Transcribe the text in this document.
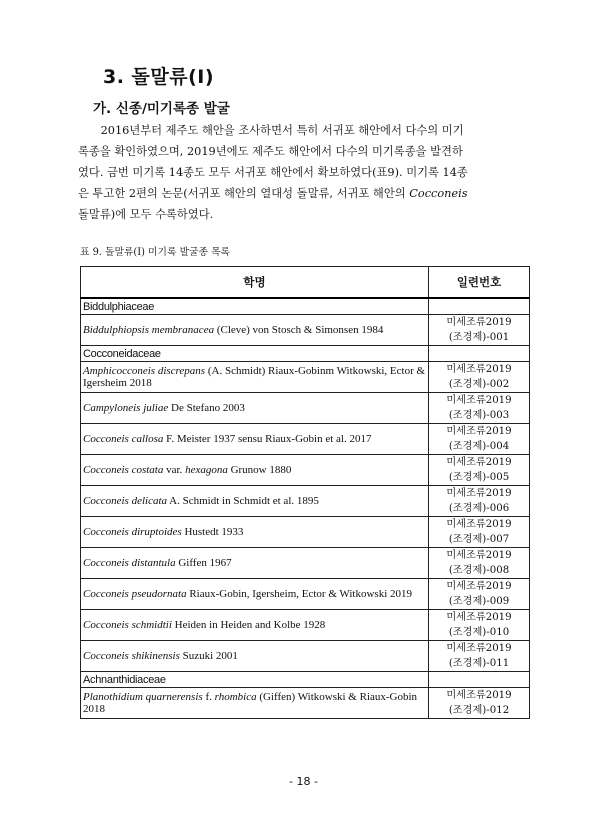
3. 돌말류(Ⅰ)
가. 신종/미기록종 발굴
　　2016년부터 제주도 해안을 조사하면서 특히 서귀포 해안에서 다수의 미기
록종을 확인하였으며, 2019년에도 제주도 해안에서 다수의 미기록종을 발견하
였다. 금번 미기록 14종도 모두 서귀포 해안에서 확보하였다(표9). 미기록 14종
은 투고한 2편의 논문(서귀포 해안의 열대성 돌말류, 서귀포 해안의 Cocconeis
돌말류)에 모두 수록하였다.
표 9. 돌말류(Ⅰ) 미기록 발굴종 목록
학명	일련번호
Biddulphiaceae	
Biddulphiopsis membranacea (Cleve) von Stosch & Simonsen 1984	미세조류2019
(조경제)-001

Cocconeidaceae	
Amphicocconeis discrepans (A. Schmidt) Riaux-Gobinm Witkowski, Ector & Igersheim 2018	미세조류2019
(조경제)-002

Campyloneis juliae De Stefano 2003	미세조류2019
(조경제)-003

Cocconeis callosa F. Meister 1937 sensu Riaux-Gobin et al. 2017	미세조류2019
(조경제)-004

Cocconeis costata var. hexagona Grunow 1880	미세조류2019
(조경제)-005

Cocconeis delicata A. Schmidt in Schmidt et al. 1895	미세조류2019
(조경제)-006

Cocconeis diruptoides Hustedt 1933	미세조류2019
(조경제)-007

Cocconeis distantula Giffen 1967	미세조류2019
(조경제)-008

Cocconeis pseudornata Riaux-Gobin, Igersheim, Ector & Witkowski 2019	미세조류2019
(조경제)-009

Cocconeis schmidtii Heiden in Heiden and Kolbe 1928	미세조류2019
(조경제)-010

Cocconeis shikinensis Suzuki 2001	미세조류2019
(조경제)-011

Achnanthidiaceae	
Planothidium quarnerensis f. rhombica (Giffen) Witkowski & Riaux-Gobin 2018	미세조류2019
(조경제)-012
- 18 -
